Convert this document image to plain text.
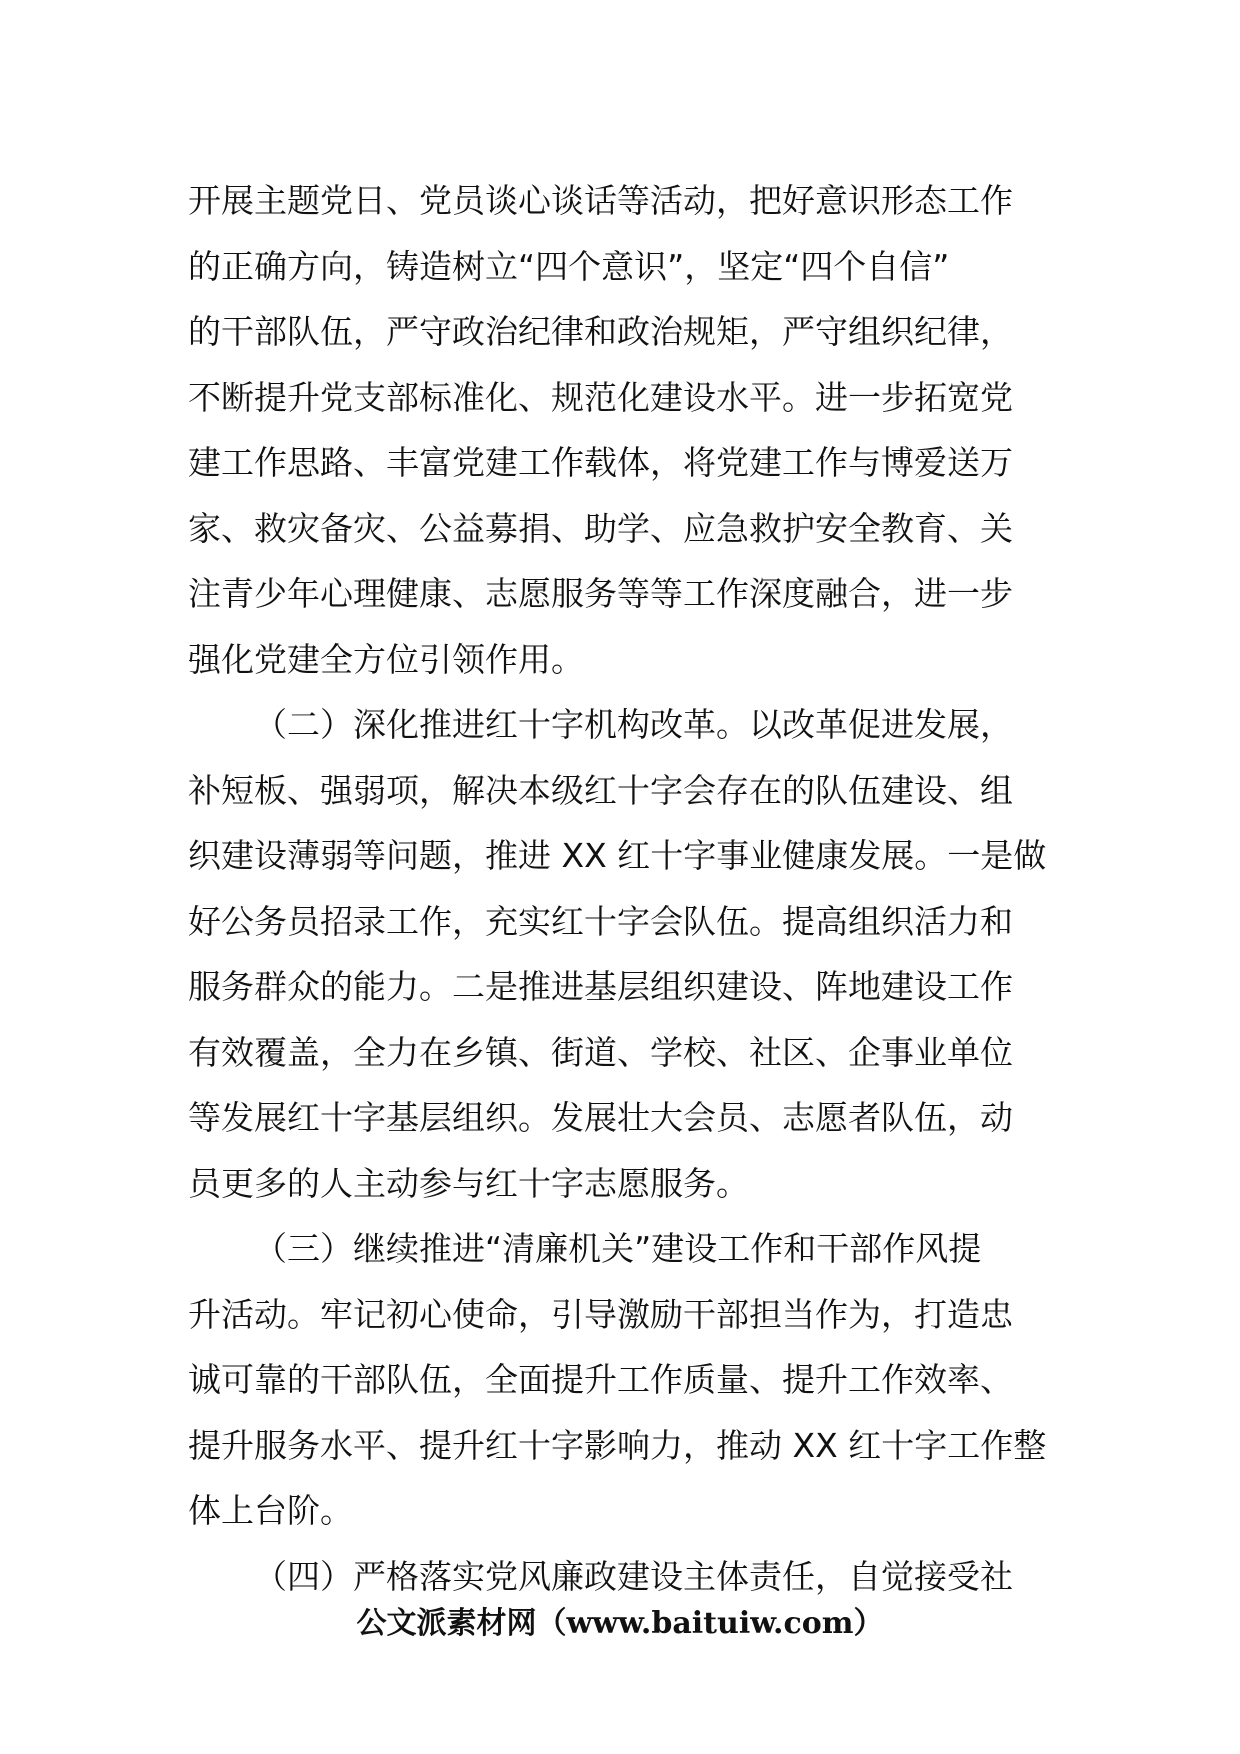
开展主题党日、党员谈心谈话等活动，把好意识形态工作
的正确方向，铸造树立“四个意识”，坚定“四个自信”
的干部队伍，严守政治纪律和政治规矩，严守组织纪律，
不断提升党支部标准化、规范化建设水平。进一步拓宽党
建工作思路、丰富党建工作载体，将党建工作与博爱送万
家、救灾备灾、公益募捐、助学、应急救护安全教育、关
注青少年心理健康、志愿服务等等工作深度融合，进一步
强化党建全方位引领作用。
（二）深化推进红十字机构改革。以改革促进发展，
补短板、强弱项，解决本级红十字会存在的队伍建设、组
织建设薄弱等问题，推进 XX 红十字事业健康发展。一是做
好公务员招录工作，充实红十字会队伍。提高组织活力和
服务群众的能力。二是推进基层组织建设、阵地建设工作
有效覆盖，全力在乡镇、街道、学校、社区、企事业单位
等发展红十字基层组织。发展壮大会员、志愿者队伍，动
员更多的人主动参与红十字志愿服务。
（三）继续推进“清廉机关”建设工作和干部作风提
升活动。牢记初心使命，引导激励干部担当作为，打造忠
诚可靠的干部队伍，全面提升工作质量、提升工作效率、
提升服务水平、提升红十字影响力，推动 XX 红十字工作整
体上台阶。
（四）严格落实党风廉政建设主体责任，自觉接受社
公文派素材网（www.baituiw.com）
